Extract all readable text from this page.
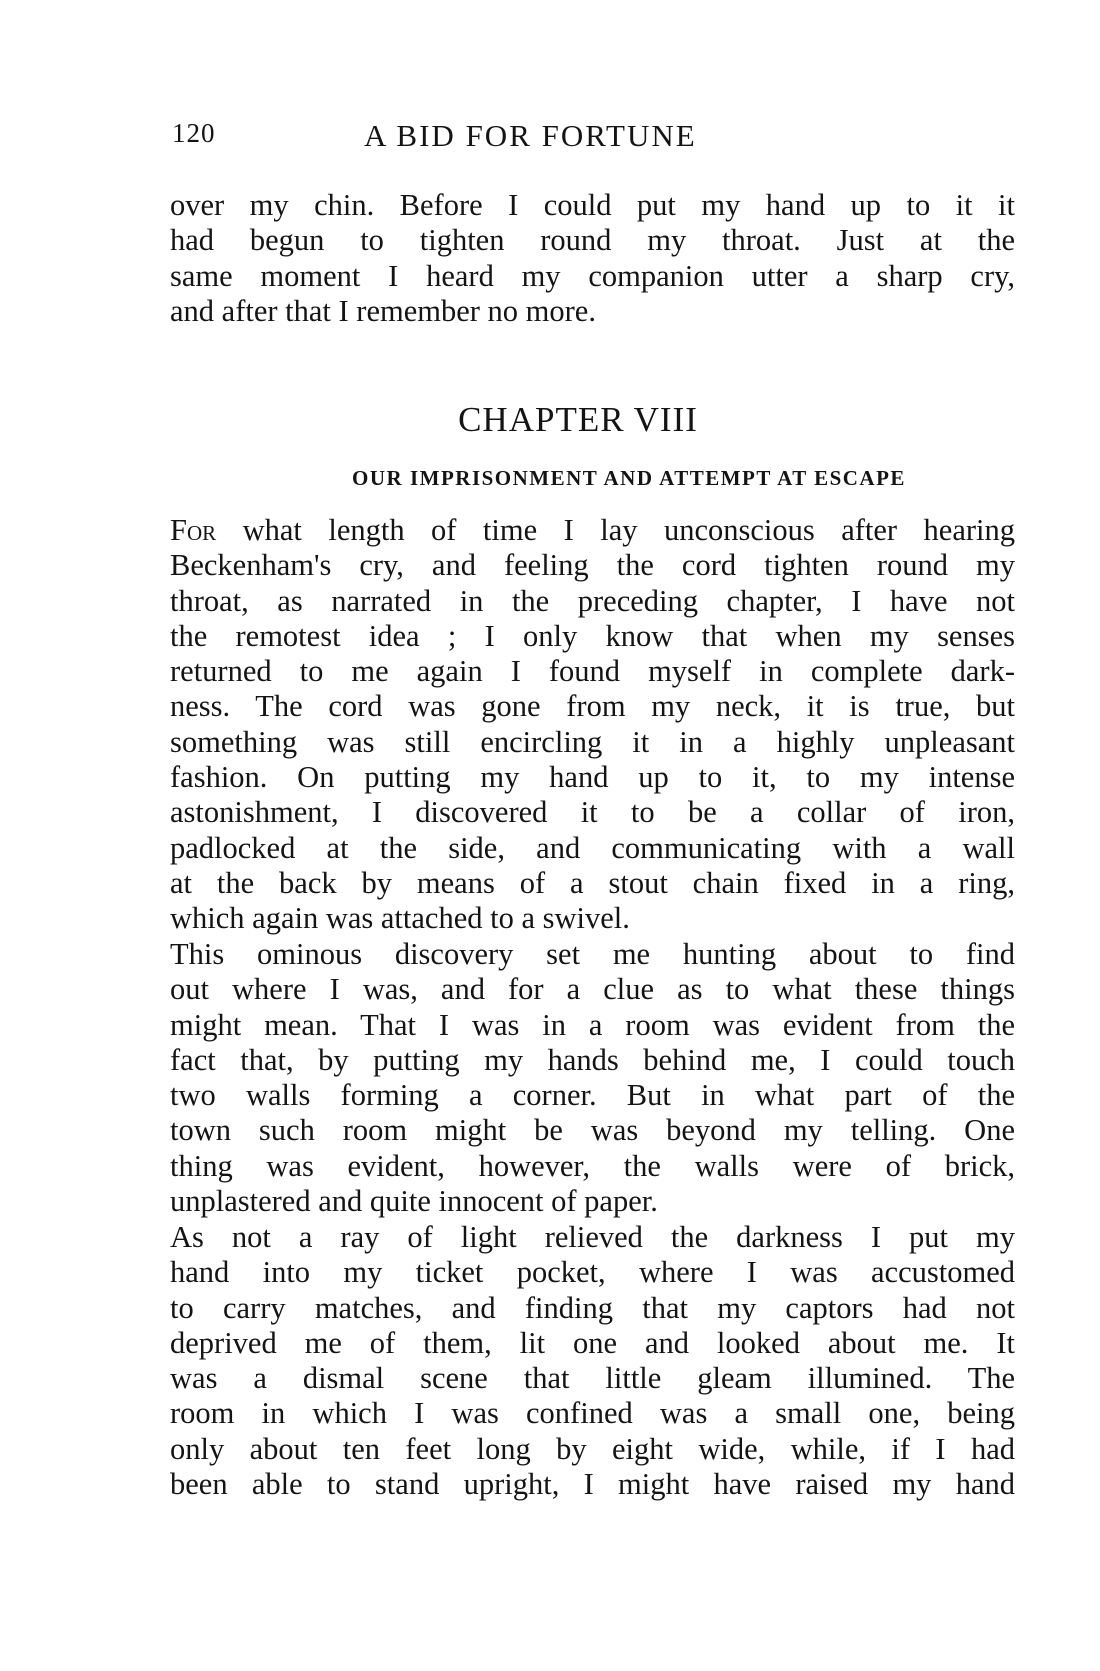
120	A BID FOR FORTUNE
over my chin. Before I could put my hand up to it it
had begun to tighten round my throat. Just at the
same moment I heard my companion utter a sharp cry,
and after that I remember no more.
CHAPTER VIII
OUR IMPRISONMENT AND ATTEMPT AT ESCAPE
For what length of time I lay unconscious after hearing
Beckenham's cry, and feeling the cord tighten round my
throat, as narrated in the preceding chapter, I have not
the remotest idea ; I only know that when my senses
returned to me again I found myself in complete dark-
ness. The cord was gone from my neck, it is true, but
something was still encircling it in a highly unpleasant
fashion. On putting my hand up to it, to my intense
astonishment, I discovered it to be a collar of iron,
padlocked at the side, and communicating with a wall
at the back by means of a stout chain fixed in a ring,
which again was attached to a swivel.
This ominous discovery set me hunting about to find
out where I was, and for a clue as to what these things
might mean. That I was in a room was evident from the
fact that, by putting my hands behind me, I could touch
two walls forming a corner. But in what part of the
town such room might be was beyond my telling. One
thing was evident, however, the walls were of brick,
unplastered and quite innocent of paper.
As not a ray of light relieved the darkness I put my
hand into my ticket pocket, where I was accustomed
to carry matches, and finding that my captors had not
deprived me of them, lit one and looked about me. It
was a dismal scene that little gleam illumined. The
room in which I was confined was a small one, being
only about ten feet long by eight wide, while, if I had
been able to stand upright, I might have raised my hand
